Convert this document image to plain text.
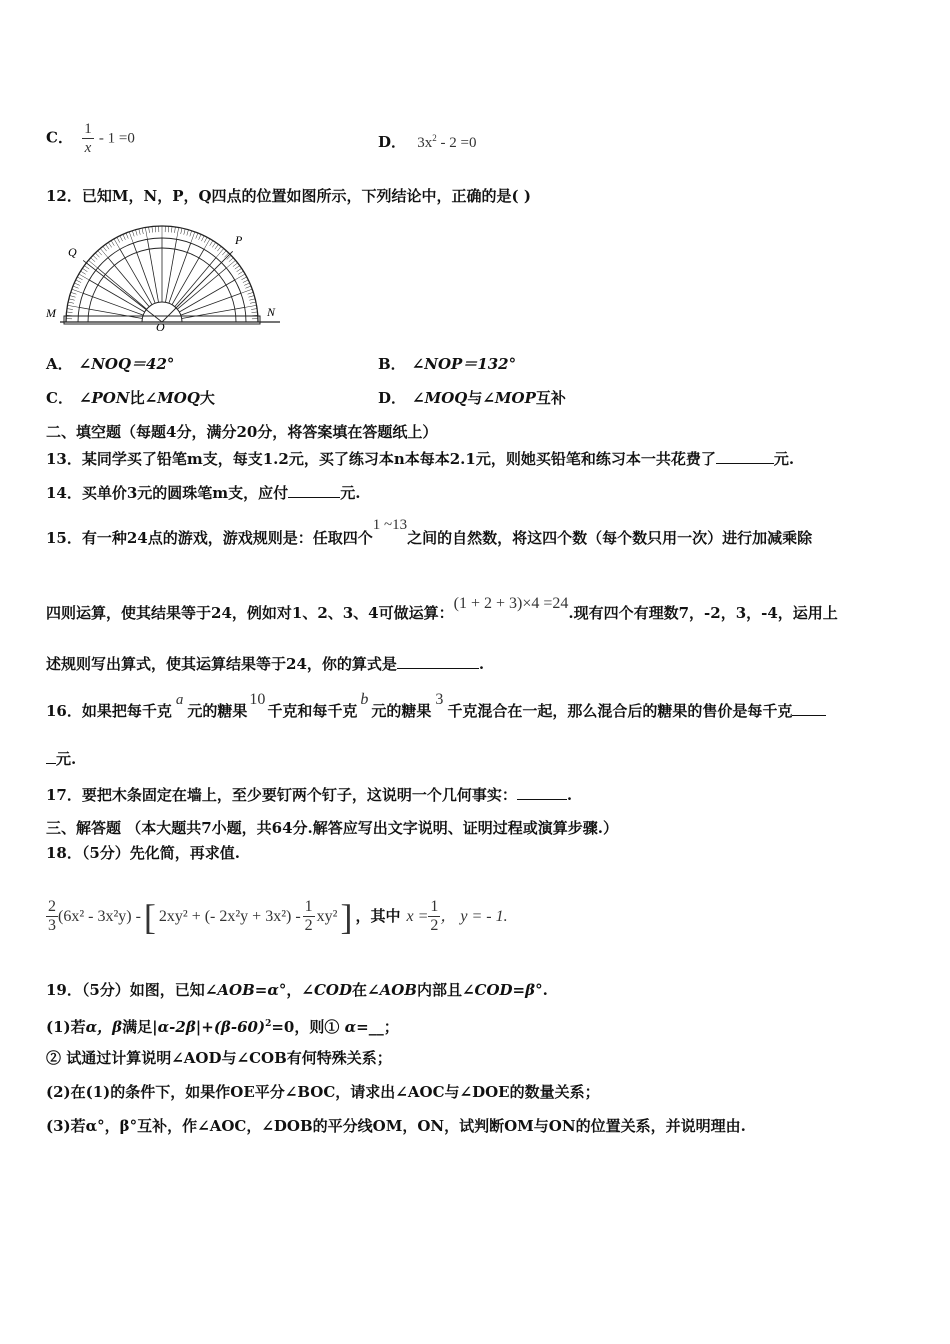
C． $\frac{1}{x} - 1 =0$	D． $3x^2 - 2 =0$
12．已知M，N，P，Q四点的位置如图所示，下列结论中，正确的是( )
Q
P
M	N
O
A． ∠NOQ＝42°	B． ∠NOP＝132°
C． ∠PON比∠MOQ大	D． ∠MOQ与∠MOP互补
二、填空题（每题4分，满分20分，将答案填在答题纸上）
13．某同学买了铅笔m支，每支1.2元，买了练习本n本每本2.1元，则她买铅笔和练习本一共花费了	元.
14．买单价3元的圆珠笔m支，应付	元.
15．有一种24点的游戏，游戏规则是：任取四个1 ~13之间的自然数，将这四个数（每个数只用一次）进行加减乘除
四则运算，使其结果等于24，例如对1、2、3、4可做运算：(1 + 2 + 3)×4 =24.现有四个有理数7，-2，3，-4，运用上
述规则写出算式，使其运算结果等于24，你的算式是	.
16．如果把每千克a元的糖果10千克和每千克b元的糖果3千克混合在一起，那么混合后的糖果的售价是每千克
元.
17．要把木条固定在墙上，至少要钉两个钉子，这说明一个几何事实：	.
三、解答题 （本大题共7小题，共64分.解答应写出文字说明、证明过程或演算步骤.）
18．（5分）先化简，再求值.
$\frac{2}{3} (6x^2 - 3x^2y)$ -[ 2xy² + (- $2x^2y + 3x^2) - \frac{1}{2} xy^2$] ，其中 $x = \frac{1}{2}$ ， y = - 1.
19．（5分）如图，已知∠AOB=α°，∠COD在∠AOB内部且∠COD=β°.
(1)若α，β满足$|\alpha-2\beta|+(\beta-60)^2=0$，则① α=__；
② 试通过计算说明∠AOD与∠COB有何特殊关系；
(2)在(1)的条件下，如果作OE平分∠BOC，请求出∠AOC与∠DOE的数量关系；
(3)若α°，β°互补，作∠AOC，∠DOB的平分线OM，ON，试判断OM与ON的位置关系，并说明理由.
